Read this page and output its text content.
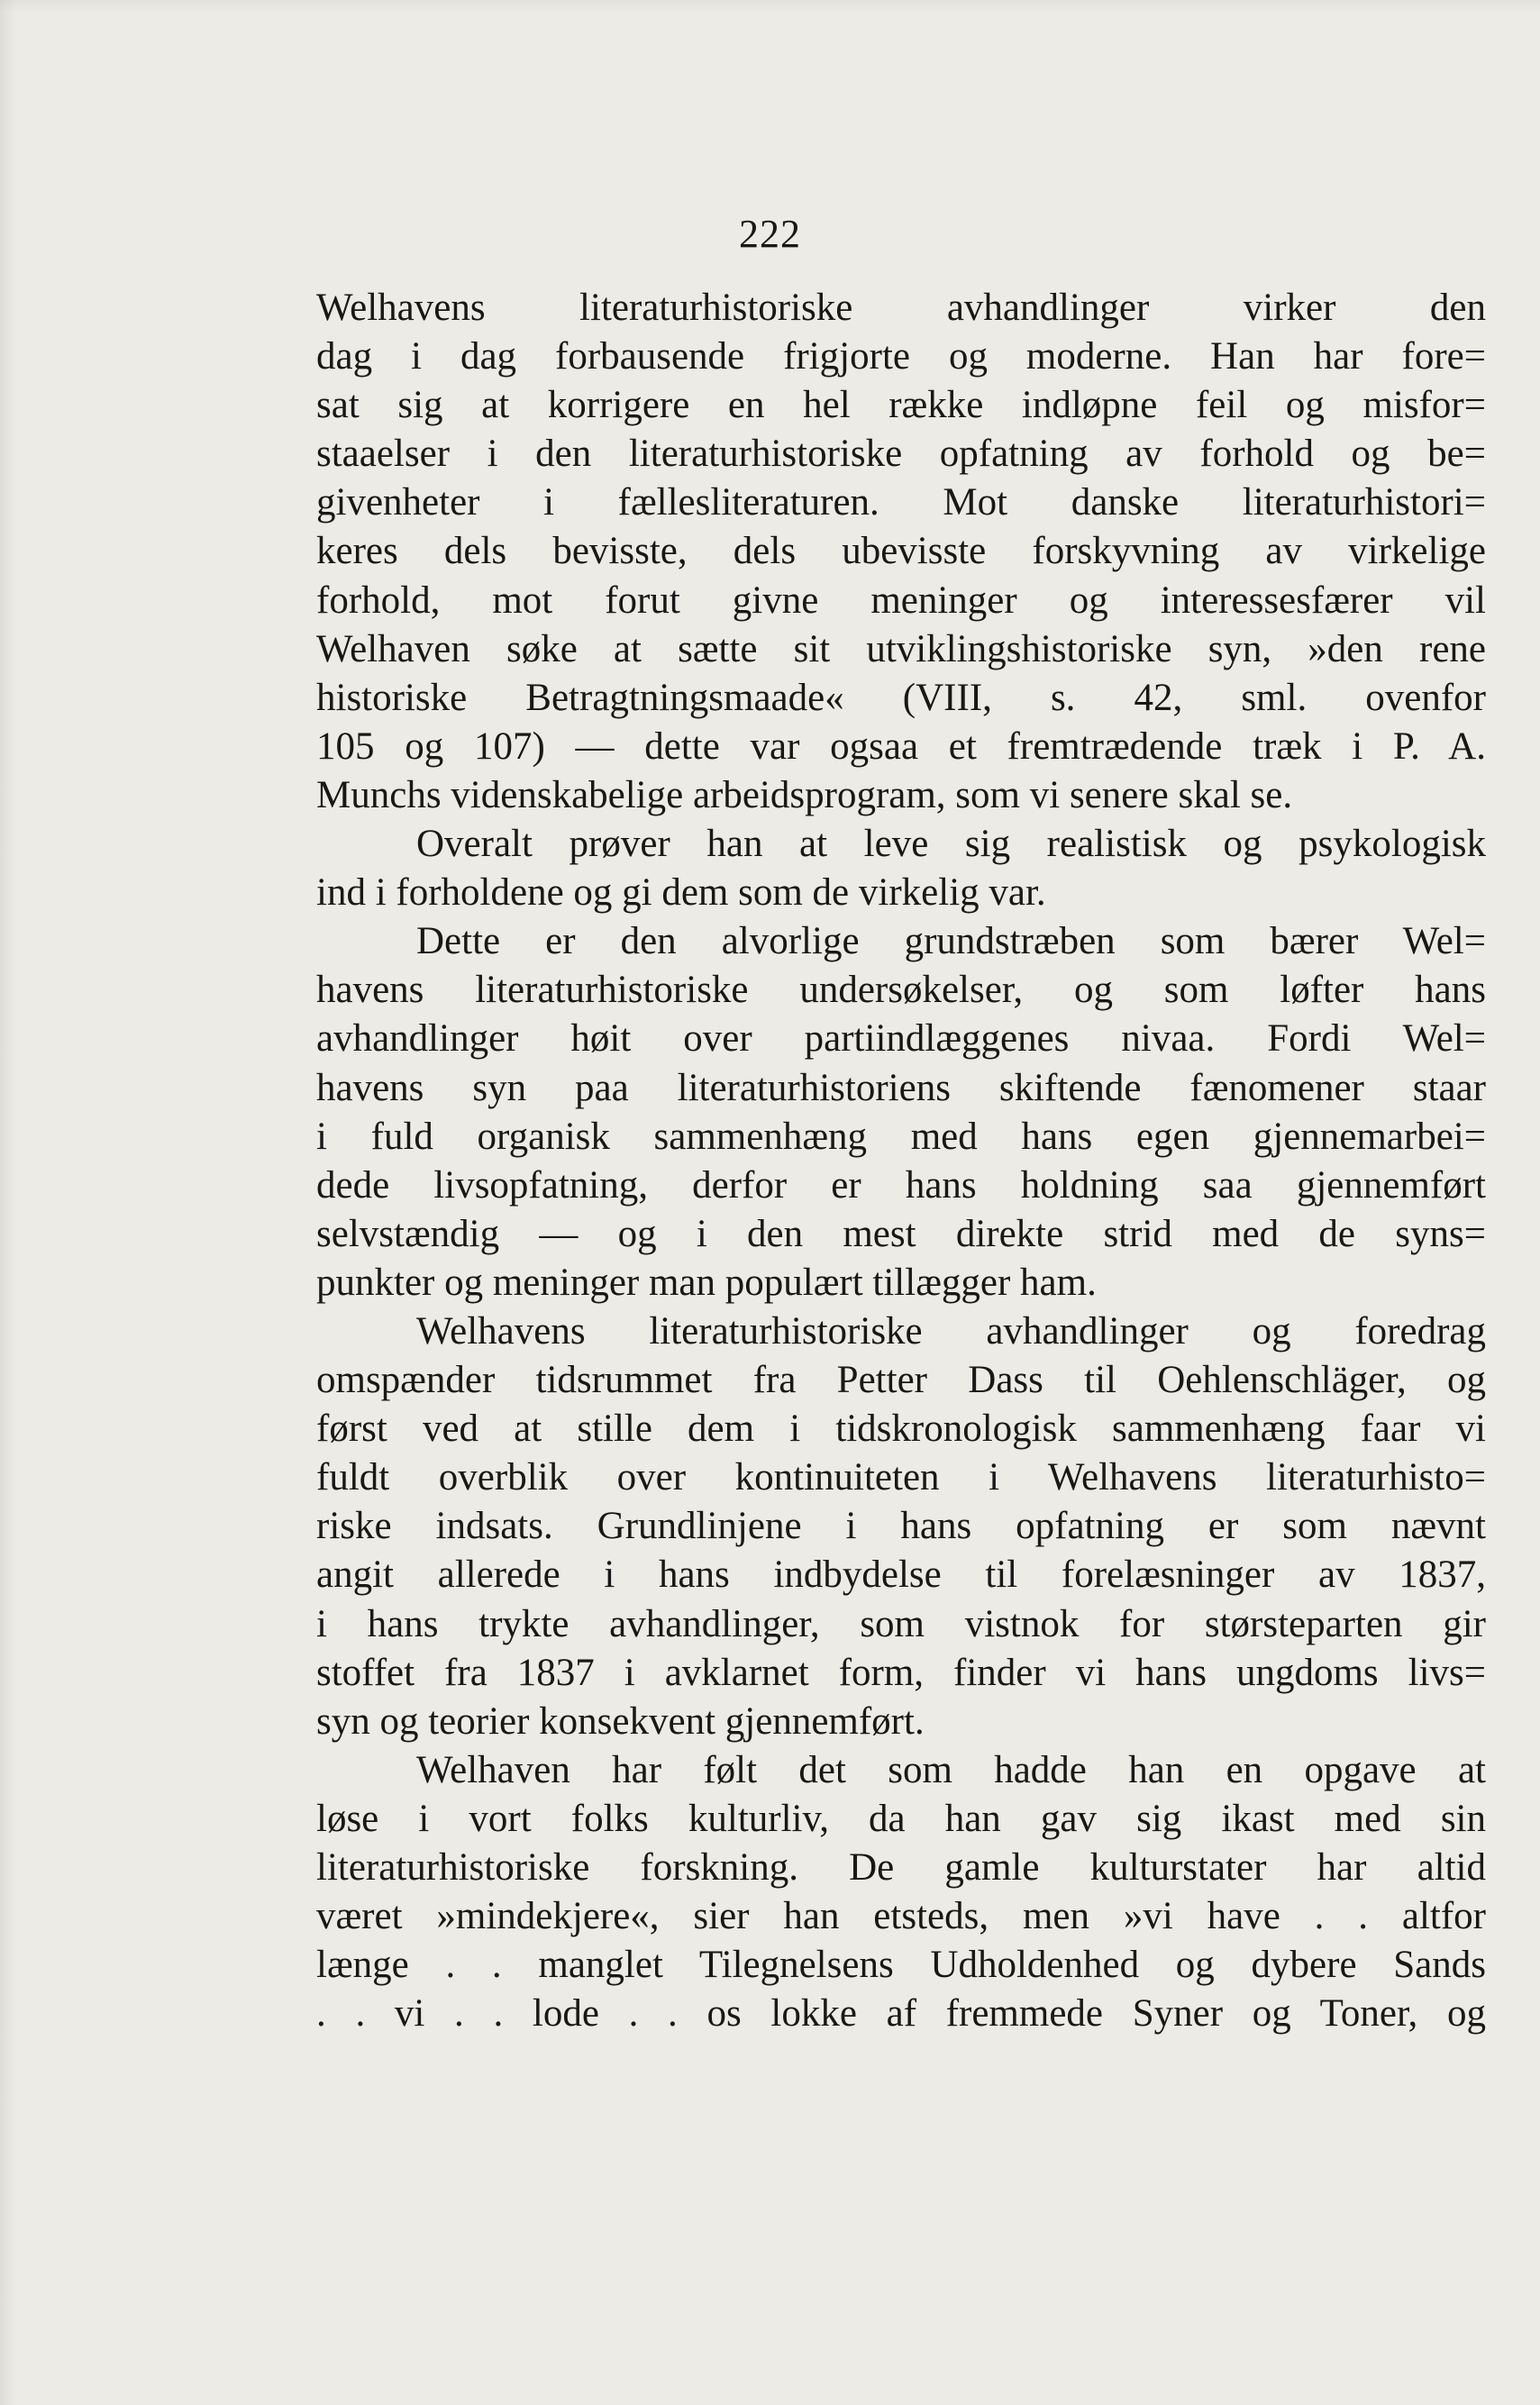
222
Welhavens literaturhistoriske avhandlinger virker den
dag i dag forbausende frigjorte og moderne. Han har fore=
sat sig at korrigere en hel række indløpne feil og misfor=
staaelser i den literaturhistoriske opfatning av forhold og be=
givenheter i fællesliteraturen. Mot danske literaturhistori=
keres dels bevisste, dels ubevisste forskyvning av virkelige
forhold, mot forut givne meninger og interessesfærer vil
Welhaven søke at sætte sit utviklingshistoriske syn, »den rene
historiske Betragtningsmaade« (VIII, s. 42, sml. ovenfor
105 og 107) — dette var ogsaa et fremtrædende træk i P. A.
Munchs videnskabelige arbeidsprogram, som vi senere skal se.
Overalt prøver han at leve sig realistisk og psykologisk
ind i forholdene og gi dem som de virkelig var.
Dette er den alvorlige grundstræben som bærer Wel=
havens literaturhistoriske undersøkelser, og som løfter hans
avhandlinger høit over partiindlæggenes nivaa. Fordi Wel=
havens syn paa literaturhistoriens skiftende fænomener staar
i fuld organisk sammenhæng med hans egen gjennemarbei=
dede livsopfatning, derfor er hans holdning saa gjennemført
selvstændig — og i den mest direkte strid med de syns=
punkter og meninger man populært tillægger ham.
Welhavens literaturhistoriske avhandlinger og foredrag
omspænder tidsrummet fra Petter Dass til Oehlenschläger, og
først ved at stille dem i tidskronologisk sammenhæng faar vi
fuldt overblik over kontinuiteten i Welhavens literaturhisto=
riske indsats. Grundlinjene i hans opfatning er som nævnt
angit allerede i hans indbydelse til forelæsninger av 1837,
i hans trykte avhandlinger, som vistnok for størsteparten gir
stoffet fra 1837 i avklarnet form, finder vi hans ungdoms livs=
syn og teorier konsekvent gjennemført.
Welhaven har følt det som hadde han en opgave at
løse i vort folks kulturliv, da han gav sig ikast med sin
literaturhistoriske forskning. De gamle kulturstater har altid
været »mindekjere«, sier han etsteds, men »vi have . . altfor
længe . . manglet Tilegnelsens Udholdenhed og dybere Sands
. . vi . . lode . . os lokke af fremmede Syner og Toner, og
